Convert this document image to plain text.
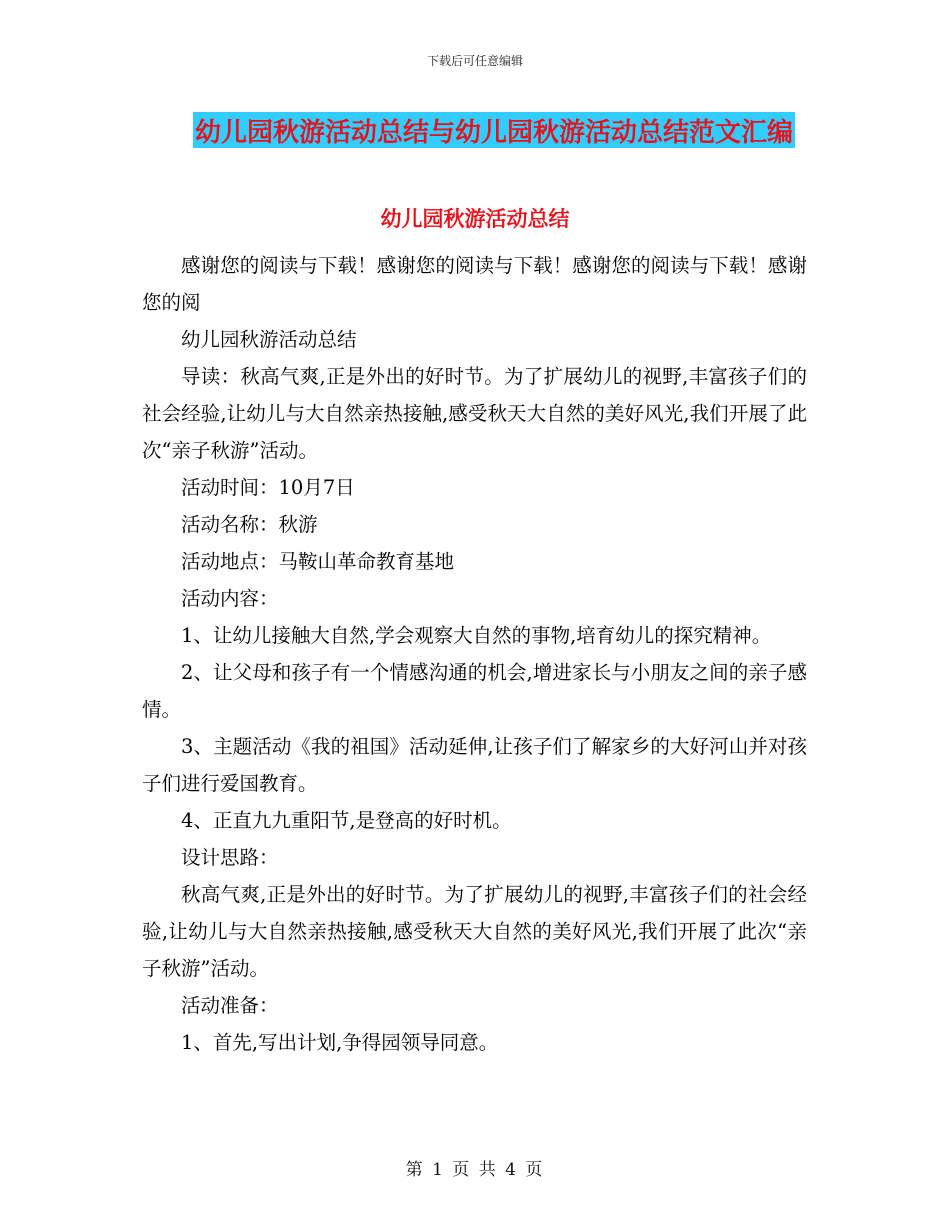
下载后可任意编辑
幼儿园秋游活动总结与幼儿园秋游活动总结范文汇编
幼儿园秋游活动总结

感谢您的阅读与下载！感谢您的阅读与下载！感谢您的阅读与下载！感谢您的阅

幼儿园秋游活动总结

导读：秋高气爽,正是外出的好时节。为了扩展幼儿的视野,丰富孩子们的社会经验,让幼儿与大自然亲热接触,感受秋天大自然的美好风光,我们开展了此次“亲子秋游”活动。

活动时间：10月7日

活动名称：秋游

活动地点：马鞍山革命教育基地

活动内容：

1、让幼儿接触大自然,学会观察大自然的事物,培育幼儿的探究精神。

2、让父母和孩子有一个情感沟通的机会,增进家长与小朋友之间的亲子感情。

3、主题活动《我的祖国》活动延伸,让孩子们了解家乡的大好河山并对孩子们进行爱国教育。

4、正直九九重阳节,是登高的好时机。

设计思路：

秋高气爽,正是外出的好时节。为了扩展幼儿的视野,丰富孩子们的社会经验,让幼儿与大自然亲热接触,感受秋天大自然的美好风光,我们开展了此次“亲子秋游”活动。

活动准备：

1、首先,写出计划,争得园领导同意。

第 1 页 共 4 页
